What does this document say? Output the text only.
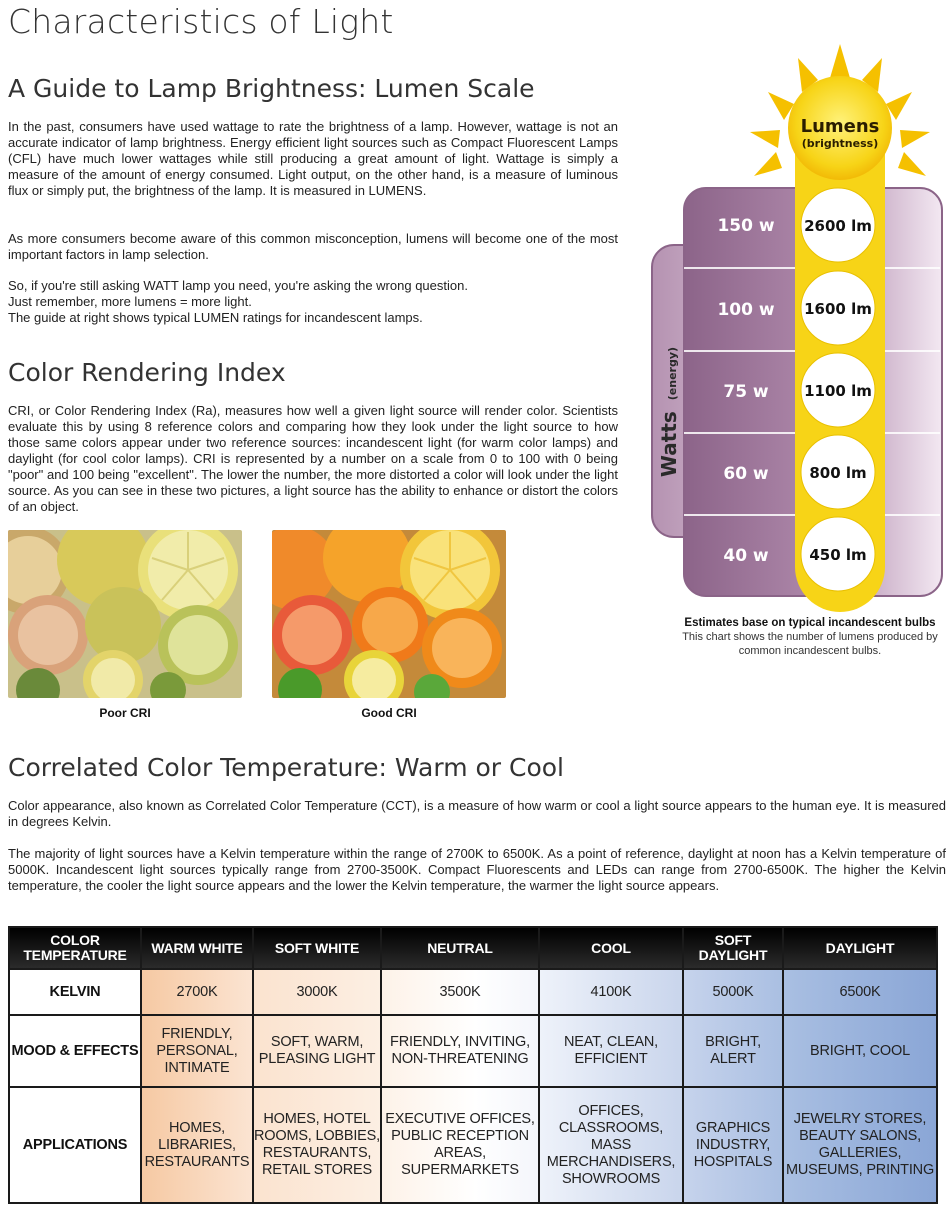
Characteristics of Light
A Guide to Lamp Brightness: Lumen Scale
In the past, consumers have used wattage to rate the brightness of a lamp. However, wattage is not an accurate indicator of lamp brightness. Energy efficient light sources such as Compact Fluorescent Lamps (CFL) have much lower wattages while still producing a great amount of light. Wattage is simply a measure of the amount of energy consumed. Light output, on the other hand, is a measure of luminous flux or simply put, the brightness of the lamp. It is measured in LUMENS.
As more consumers become aware of this common misconception, lumens will become one of the most important factors in lamp selection.
So, if you're still asking WATT lamp you need, you're asking the wrong question.
Just remember, more lumens = more light.
The guide at right shows typical LUMEN ratings for incandescent lamps.
Lumens
(brightness)
Watts (energy)
150 w
100 w
75 w
60 w
40 w
2600 lm
1600 lm
1100 lm
800 lm
450 lm
Estimates base on typical incandescent bulbs
This chart shows the number of lumens produced by common incandescent bulbs.
Color Rendering Index
CRI, or Color Rendering Index (Ra), measures how well a given light source will render color. Scientists evaluate this by using 8 reference colors and comparing how they look under the light source to how those same colors appear under two reference sources: incandescent light (for warm color lamps) and daylight (for cool color lamps). CRI is represented by a number on a scale from 0 to 100 with 0 being "poor" and 100 being "excellent". The lower the number, the more distorted a color will look under the light source. As you can see in these two pictures, a light source has the ability to enhance or distort the colors of an object.
Poor CRI	Good CRI
Correlated Color Temperature: Warm or Cool
Color appearance, also known as Correlated Color Temperature (CCT), is a measure of how warm or cool a light source appears to the human eye. It is measured in degrees Kelvin.
The majority of light sources have a Kelvin temperature within the range of 2700K to 6500K. As a point of reference, daylight at noon has a Kelvin temperature of 5000K. Incandescent light sources typically range from 2700-3500K. Compact Fluorescents and LEDs can range from 2700-6500K. The higher the Kelvin temperature, the cooler the light source appears and the lower the Kelvin temperature, the warmer the light source appears.
COLOR TEMPERATURE	WARM WHITE	SOFT WHITE	NEUTRAL	COOL	SOFT DAYLIGHT	DAYLIGHT
KELVIN	2700K	3000K	3500K	4100K	5000K	6500K
MOOD & EFFECTS	FRIENDLY, PERSONAL, INTIMATE	SOFT, WARM, PLEASING LIGHT	FRIENDLY, INVITING, NON-THREATENING	NEAT, CLEAN, EFFICIENT	BRIGHT, ALERT	BRIGHT, COOL
APPLICATIONS	HOMES, LIBRARIES, RESTAURANTS	HOMES, HOTEL ROOMS, LOBBIES, RESTAURANTS, RETAIL STORES	EXECUTIVE OFFICES, PUBLIC RECEPTION AREAS, SUPERMARKETS	OFFICES, CLASSROOMS, MASS MERCHANDISERS, SHOWROOMS	GRAPHICS INDUSTRY, HOSPITALS	JEWELRY STORES, BEAUTY SALONS, GALLERIES, MUSEUMS, PRINTING
